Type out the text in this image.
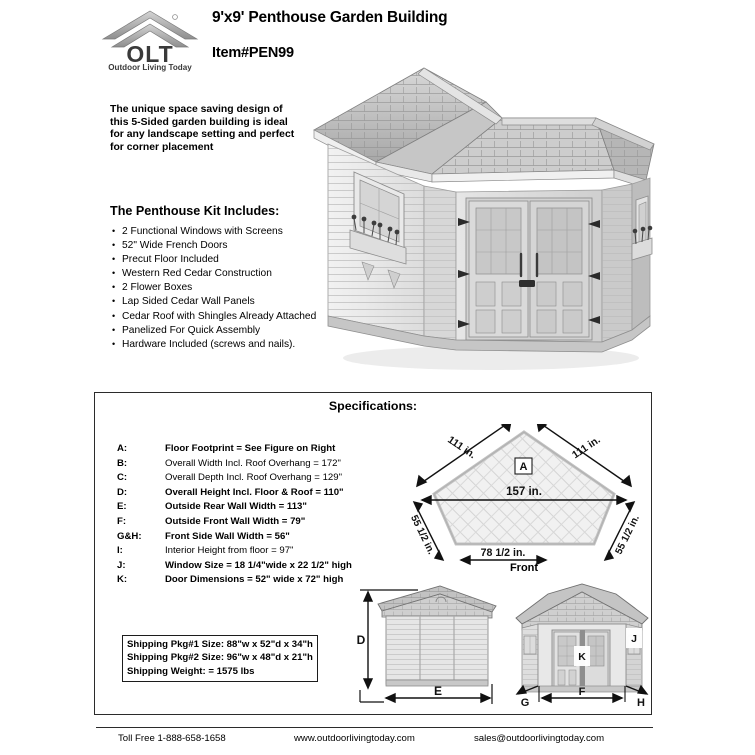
OLT
Outdoor Living Today
9'x9' Penthouse Garden Building
Item#PEN99
The unique space saving design of this 5-Sided garden building is ideal for any landscape setting and perfect for corner placement
The Penthouse Kit Includes:
• 2 Functional Windows with Screens
• 52" Wide French Doors
• Precut Floor Included
• Western Red Cedar Construction
• 2 Flower Boxes
• Lap Sided Cedar Wall Panels
• Cedar Roof with Shingles Already Attached
• Panelized For Quick Assembly
• Hardware Included (screws and nails).
Specifications:
A:	Floor Footprint = See Figure on Right
B:	Overall Width Incl. Roof Overhang = 172"
C:	Overall Depth Incl. Roof Overhang = 129"
D:	Overall Height Incl. Floor & Roof = 110"
E:	Outside Rear Wall Width = 113"
F:	Outside Front Wall Width = 79"
G&H:	Front Side Wall Width = 56"
I:	Interior Height from floor = 97"
J:	Window Size = 18 1/4"wide x 22 1/2" high
K:	Door Dimensions = 52" wide x 72" high
Shipping Pkg#1 Size: 88"w x 52"d x 34"h
Shipping Pkg#2 Size: 96"w x 48"d x 21"h
Shipping Weight: = 1575 lbs
A
157 in.
111 in.	111 in.
55 1/2 in.	55 1/2 in.
78 1/2 in.
Front
D
E
J
K
G
F
H
Toll Free 1-888-658-1658	www.outdoorlivingtoday.com	sales@outdoorlivingtoday.com
